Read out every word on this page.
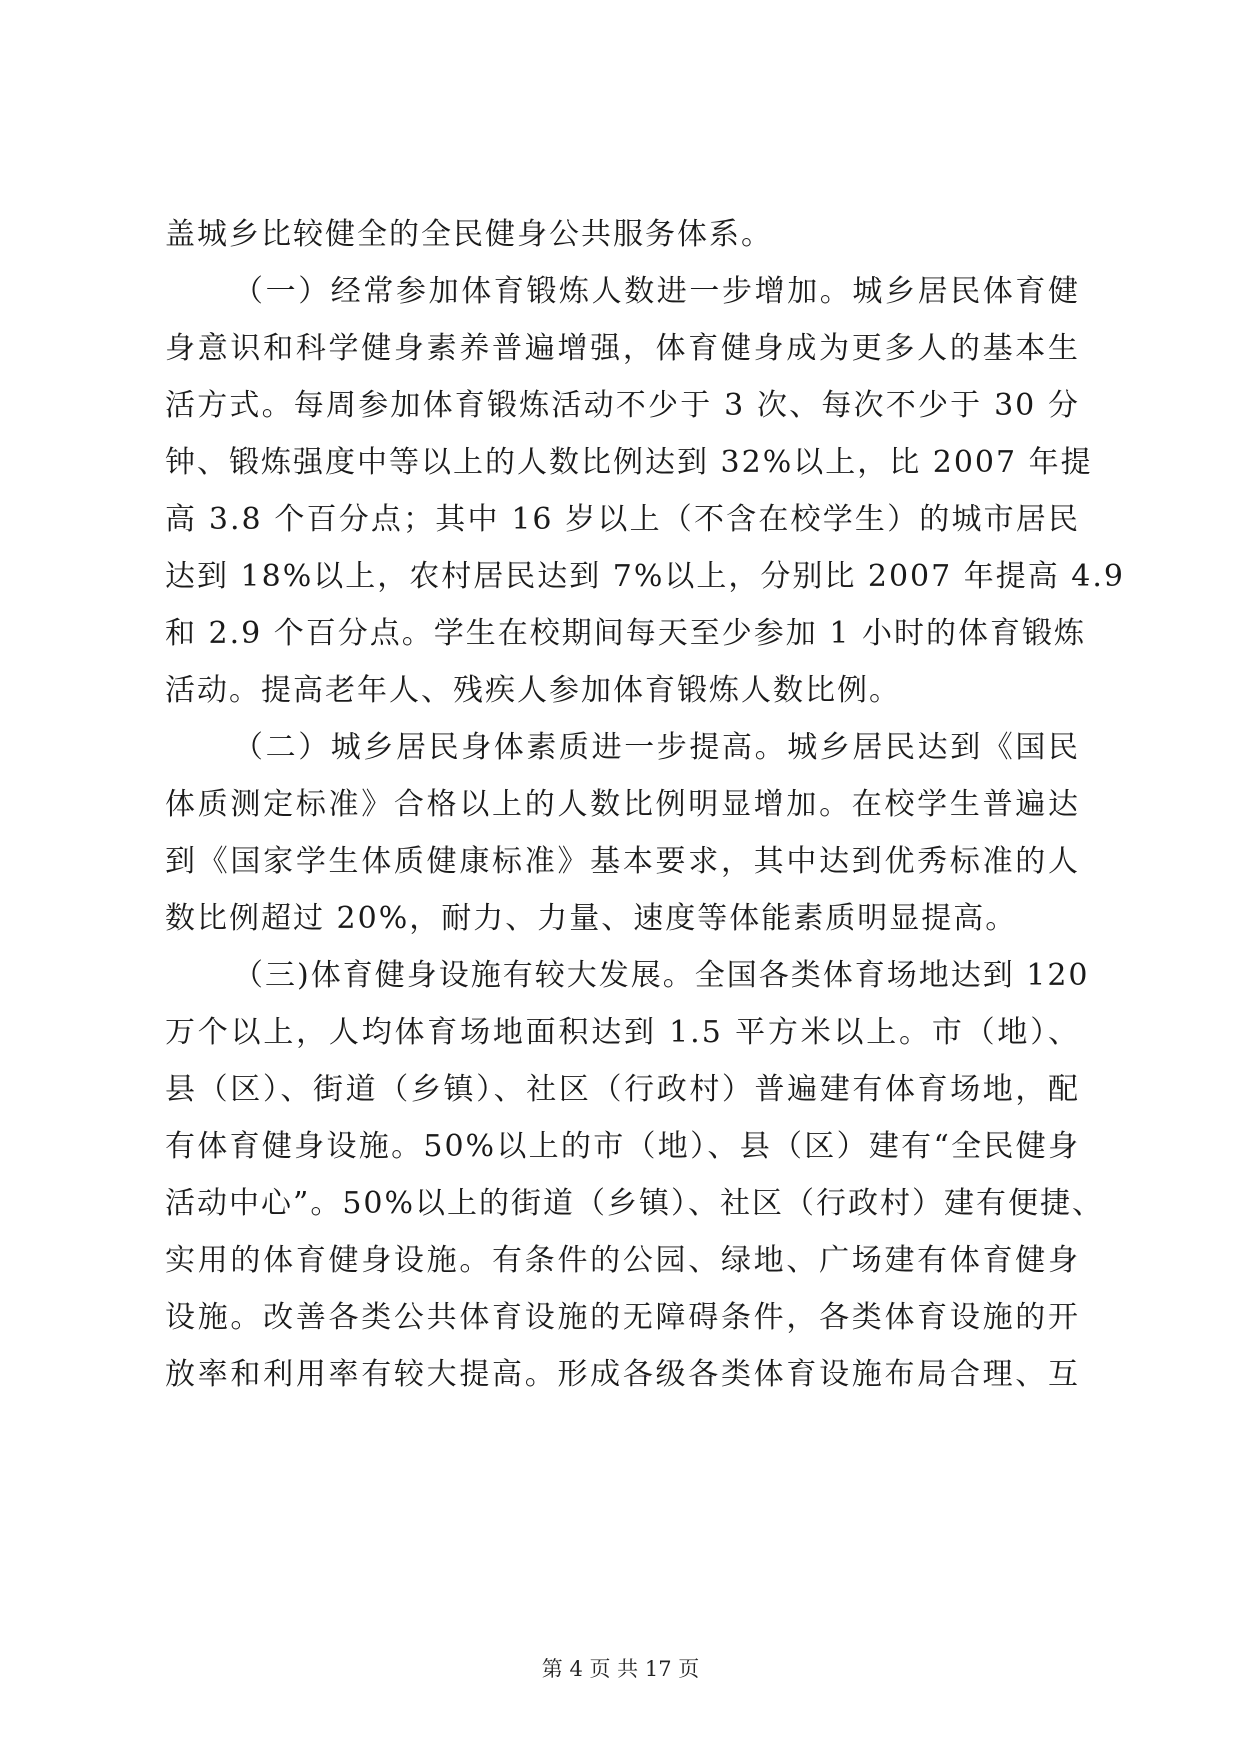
盖城乡比较健全的全民健身公共服务体系。
（一）经常参加体育锻炼人数进一步增加。城乡居民体育健
身意识和科学健身素养普遍增强，体育健身成为更多人的基本生
活方式。每周参加体育锻炼活动不少于 3 次、每次不少于 30 分
钟、锻炼强度中等以上的人数比例达到 32%以上，比 2007 年提
高 3.8 个百分点；其中 16 岁以上（不含在校学生）的城市居民
达到 18%以上，农村居民达到 7%以上，分别比 2007 年提高 4.9
和 2.9 个百分点。学生在校期间每天至少参加 1 小时的体育锻炼
活动。提高老年人、残疾人参加体育锻炼人数比例。
（二）城乡居民身体素质进一步提高。城乡居民达到《国民
体质测定标准》合格以上的人数比例明显增加。在校学生普遍达
到《国家学生体质健康标准》基本要求，其中达到优秀标准的人
数比例超过 20%，耐力、力量、速度等体能素质明显提高。
（三)体育健身设施有较大发展。全国各类体育场地达到 120
万个以上，人均体育场地面积达到 1.5 平方米以上。市（地）、
县（区）、街道（乡镇）、社区（行政村）普遍建有体育场地，配
有体育健身设施。50%以上的市（地）、县（区）建有“全民健身
活动中心”。50%以上的街道（乡镇）、社区（行政村）建有便捷、
实用的体育健身设施。有条件的公园、绿地、广场建有体育健身
设施。改善各类公共体育设施的无障碍条件，各类体育设施的开
放率和利用率有较大提高。形成各级各类体育设施布局合理、互
第 4 页 共 17 页
